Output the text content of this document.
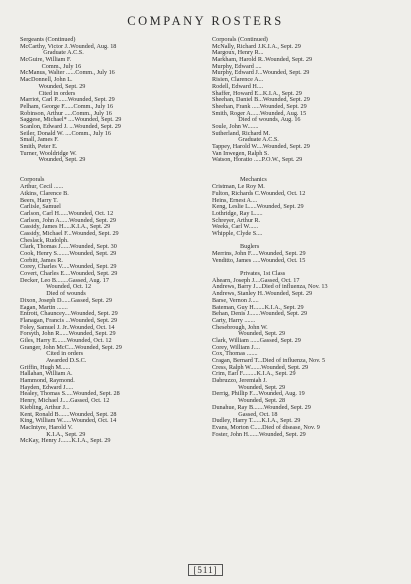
COMPANY ROSTERS
Sergeants (Continued)
McCarthy, Victor J..Wounded, Aug. 18
Graduate A.C.S.
McGuire, William F.
Comm., July 16
McManus, Walter ......Comm., July 16
MacDonnell, John L.
Wounded, Sept. 29
Cited in orders
Marriot, Carl P.......Wounded, Sept. 29
Pelham, George F......Comm., July 16
Robinson, Arthur .....Comm., July 16
Saggese, Michael* ....Wounded, Sept. 29
Scanlon, Edward J. ...Wounded, Sept. 29
Seiler, Donald W. ....Comm., July 16
Small, James F.
Smith, Peter E.
Turner, Wooldridge W.
Wounded, Sept. 29
Corporals
Arthur, Cecil ......
Atkins, Clarence B.
Beers, Harry T.
Carlisle, Samuel
Carlson, Carl H......Wounded, Oct. 12
Carlson, John A......Wounded, Sept. 29
Cassidy, James H.....K.I.A., Sept. 29
Cassidy, Michael F...Wounded, Sept. 29
Cheslack, Rudolph.
Clark, Thomas J......Wounded, Sept. 30
Cook, Henry S........Wounded, Sept. 29
Corbitt, James R.
Corey, Charles V.....Wounded, Sept. 29
Covert, Charles E....Wounded, Sept. 29
Decker, Leo B........Gassed, Aug. 17
Wounded, Oct. 12
Died of wounds
Dixon, Joseph D......Gassed, Sept. 29
Eagan, Martin .......
Entrott, Chauncey....Wounded, Sept. 29
Flanagan, Francis ...Wounded, Sept. 29
Foley, Samuel J. Jr..Wounded, Oct. 14
Forsyth, John R......Wounded, Sept. 29
Giles, Harry E.......Wounded, Oct. 12
Granger, John McC....Wounded, Sept. 29
Cited in orders
Awarded D.S.C.
Griffin, Hugh M......
Hallahan, William A.
Hammond, Raymond.
Hayden, Edward J.....
Healey, Thomas S.....Wounded, Sept. 28
Henry, Michael J.....Gassed, Oct. 12
Kiebling, Arthur J...
Kent, Ronald B.......Wounded, Sept. 28
King, William W......Wounded, Oct. 14
MacIntyre, Harold V.
K.I.A., Sept. 29
McKay, Henry J.......K.I.A., Sept. 29
Corporals (Continued)
McNally, Richard J.K.I.A., Sept. 29
Margoux, Henry R...
Markham, Harold R..Wounded, Sept. 29
Murphy, Edward ....
Murphy, Edward J...Wounded, Sept. 29
Risien, Clarence A...
Rodell, Edward H....
Shaffer, Howard E...K.I.A., Sept. 29
Sheehan, Daniel B...Wounded, Sept. 29
Sheehan, Frank .....Wounded, Sept. 29
Smith, Roger A......Wounded, Aug. 15
Died of wounds, Aug. 16
Soule, John W.......
Sutherland, Richard M.
Graduate A.C.S.
Tappey, Harold W....Wounded, Sept. 29
Van Inwegen, Ralph S.
Watson, Horatio .....P.O.W., Sept. 29
Mechanics
Cristman, Le Roy M.
Fulton, Richards C.Wounded, Oct. 12
Heins, Ernest A....
Keng, Leslie L.....Wounded, Sept. 29
Lothridge, Ray L.....
Schreyer, Arthur R.
Weeks, Carl W......
Whipple, Clyde S....
Buglers
Merrins, John F.....Wounded, Sept. 29
Venditto, James .....Wounded, Oct. 15
Privates, 1st Class
Ahearn, Joseph J....Gassed, Oct. 17
Andrews, Barry J....Died of influenza, Nov. 13
Andrews, Stanley H..Wounded, Sept. 29
Barse, Vernon J.....
Bateman, Guy H.......K.I.A., Sept. 29
Behan, Denis J.......Wounded, Sept. 29
Carty, Harry .......
Chesebrough, John W.
Wounded, Sept. 29
Clark, William ......Gassed, Sept. 29
Corey, William J....
Cox, Thomas .......
Cragan, Bernard T...Died of influenza, Nov. 5
Cress, Ralph W.......Wounded, Sept. 29
Crim, Earl F.........K.I.A., Sept. 29
Dabruzzo, Jeremiah J.
Wounded, Sept. 29
Derrig, Phillip F....Wounded, Aug. 19
Wounded, Sept. 28
Dunahue, Ray B.......Wounded, Sept. 29
Gassed, Oct. 18
Dudley, Harry T......K.I.A., Sept. 29
Evans, Morton C.....Died of disease, Nov. 9
Foster, John H.......Wounded, Sept. 29
[511]
